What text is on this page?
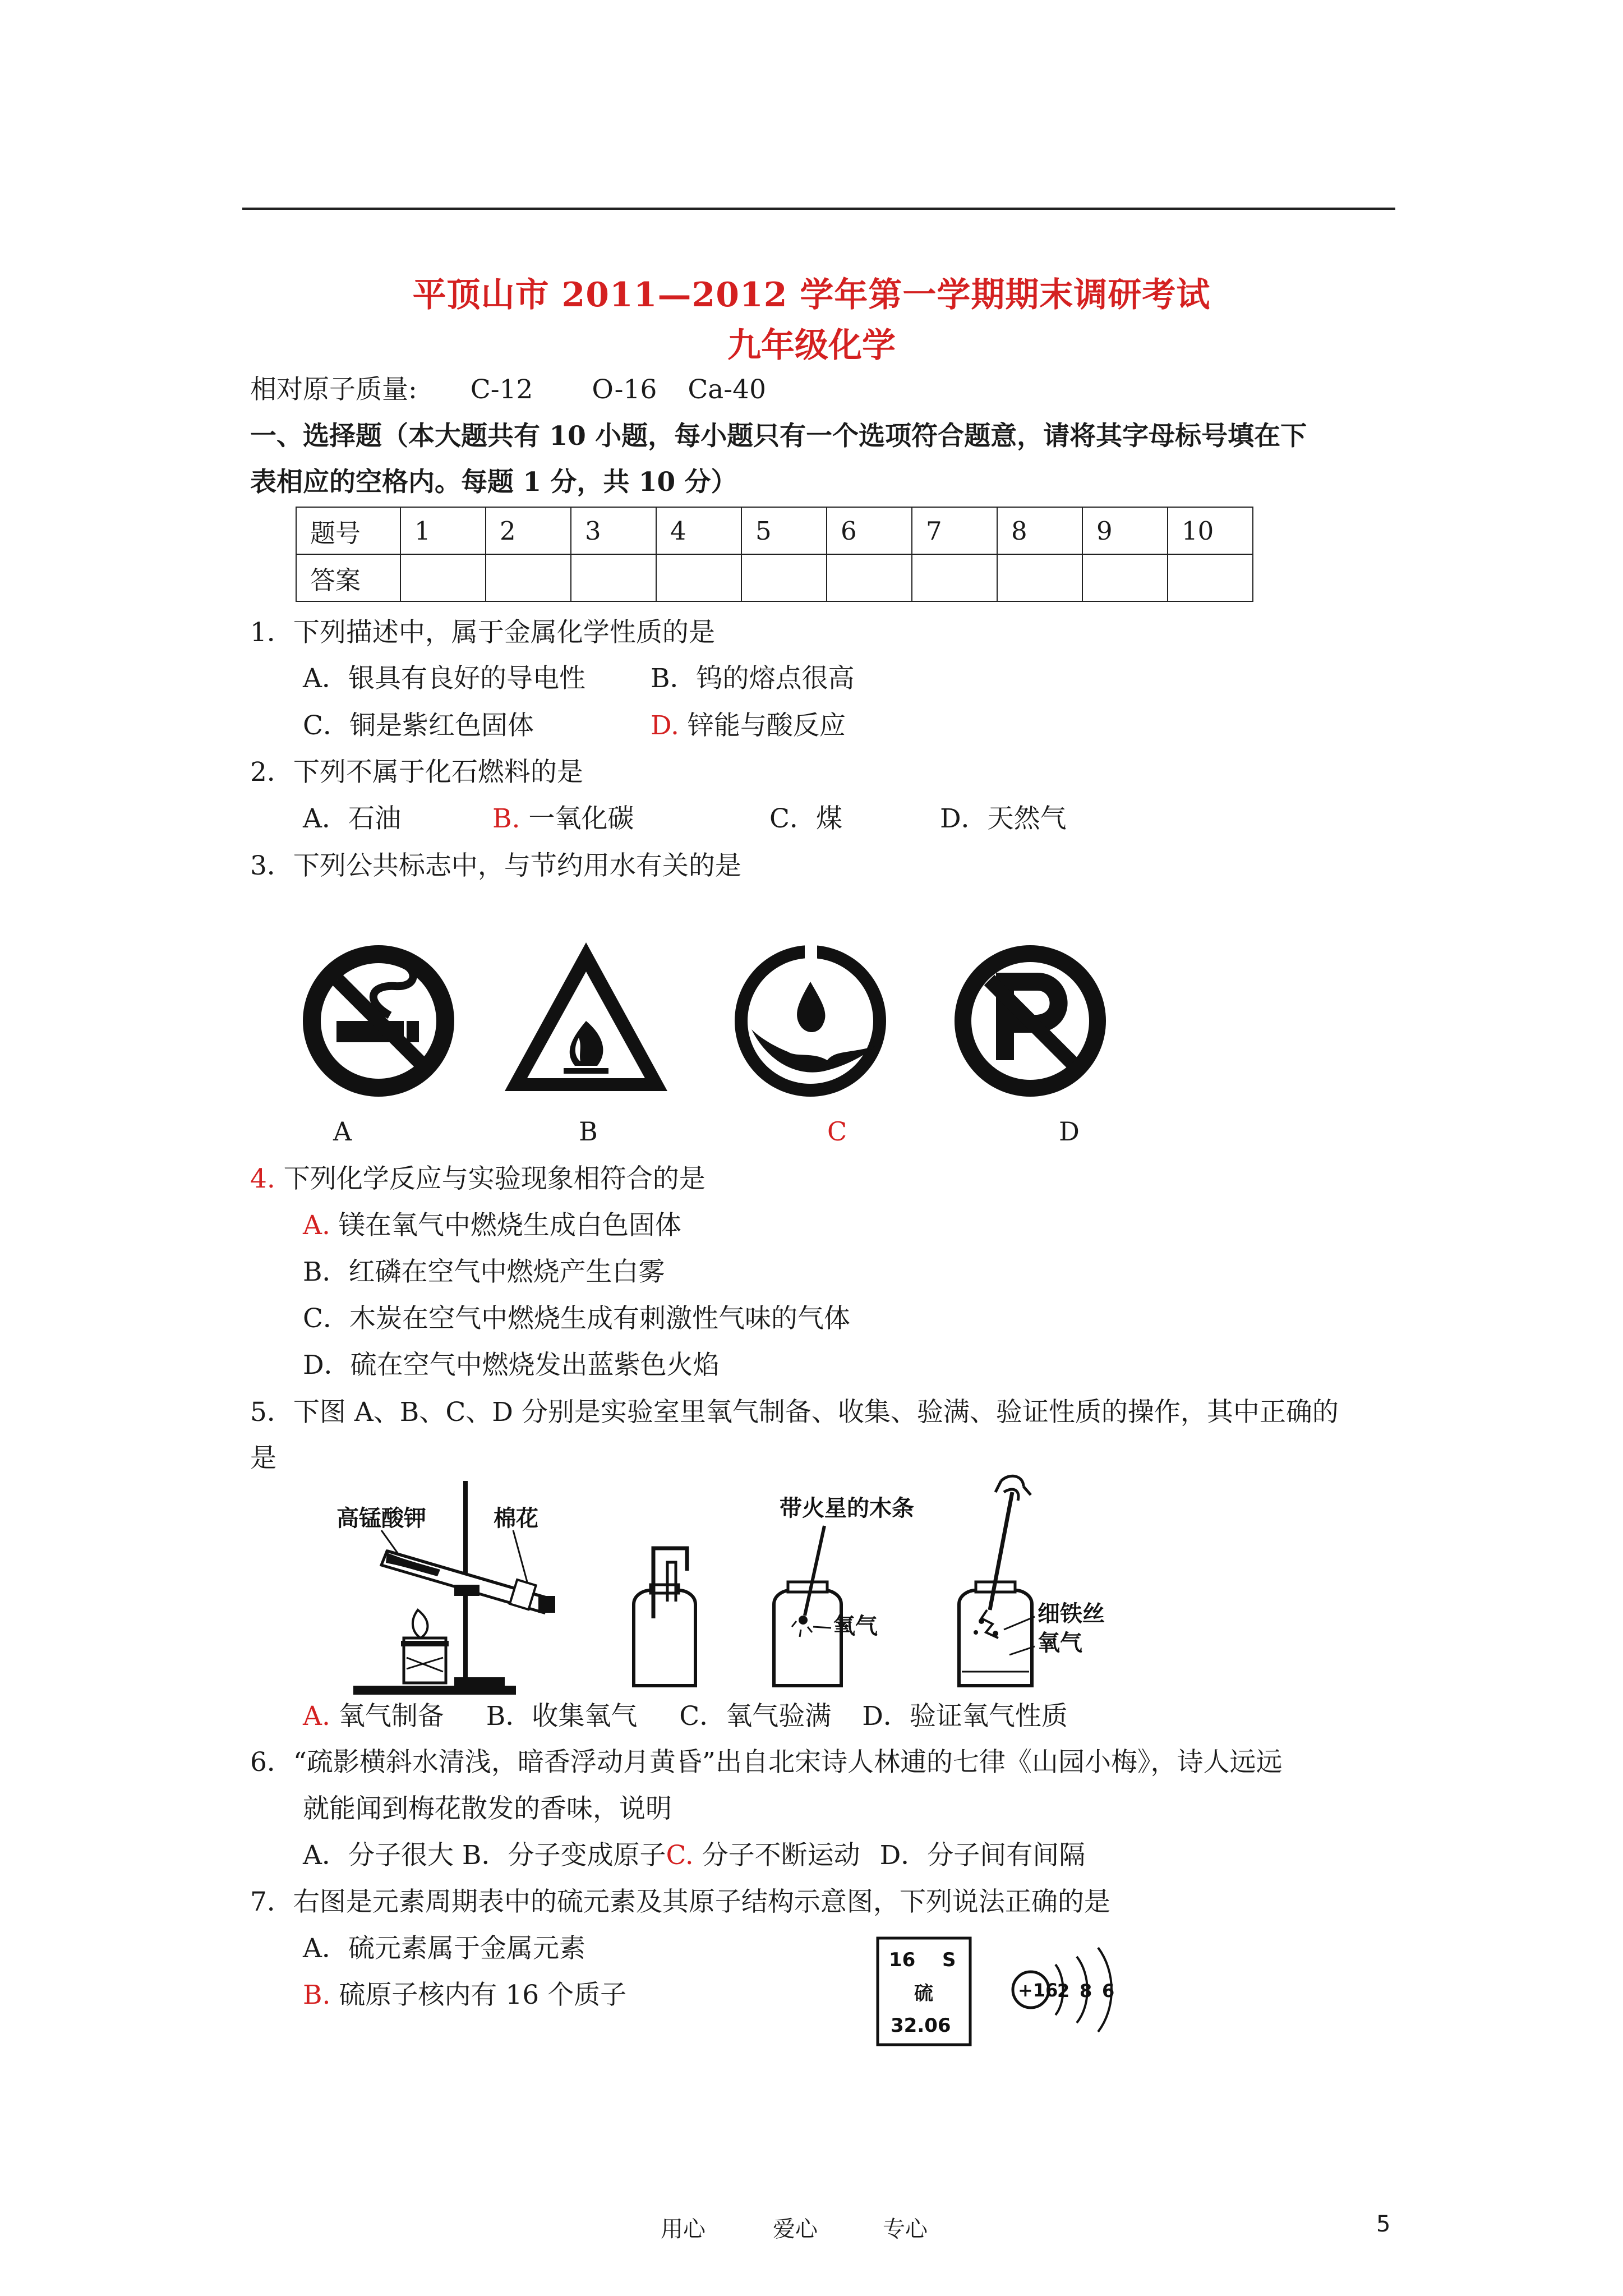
平顶山市 2011—2012 学年第一学期期末调研考试
九年级化学
相对原子质量: C-12 O-16 Ca-40
一、选择题（本大题共有 10 小题，每小题只有一个选项符合题意，请将其字母标号填在下
表相应的空格内。每题 1 分，共 10 分）
题号	1	2	3	4	5	6	7	8	9	10
答案										
1．下列描述中，属于金属化学性质的是
A．银具有良好的导电性 B．钨的熔点很高
C．铜是紫红色固体	D. 锌能与酸反应
2．下列不属于化石燃料的是
A．石油	B. 一氧化碳	C．煤	D．天然气
3．下列公共标志中，与节约用水有关的是
A	B	C	D
4. 下列化学反应与实验现象相符合的是
A. 镁在氧气中燃烧生成白色固体
B．红磷在空气中燃烧产生白雾
C．木炭在空气中燃烧生成有刺激性气味的气体
D．硫在空气中燃烧发出蓝紫色火焰
5．下图 A、B、C、D 分别是实验室里氧气制备、收集、验满、验证性质的操作，其中正确的
是
高锰酸钾	棉花	带火星的木条
氧气	细铁丝
氧气
A. 氧气制备 B．收集氧气 C．氧气验满 D．验证氧气性质
6．“疏影横斜水清浅，暗香浮动月黄昏”出自北宋诗人林逋的七律《山园小梅》，诗人远远
就能闻到梅花散发的香味，说明
A．分子很大 B．分子变成原子C. 分子不断运动 D．分子间有间隔
7．右图是元素周期表中的硫元素及其原子结构示意图，下列说法正确的是
A．硫元素属于金属元素
B. 硫原子核内有 16 个质子
16 S
硫
32.06
+16
2 8 6
用心	爱心	专心	5
